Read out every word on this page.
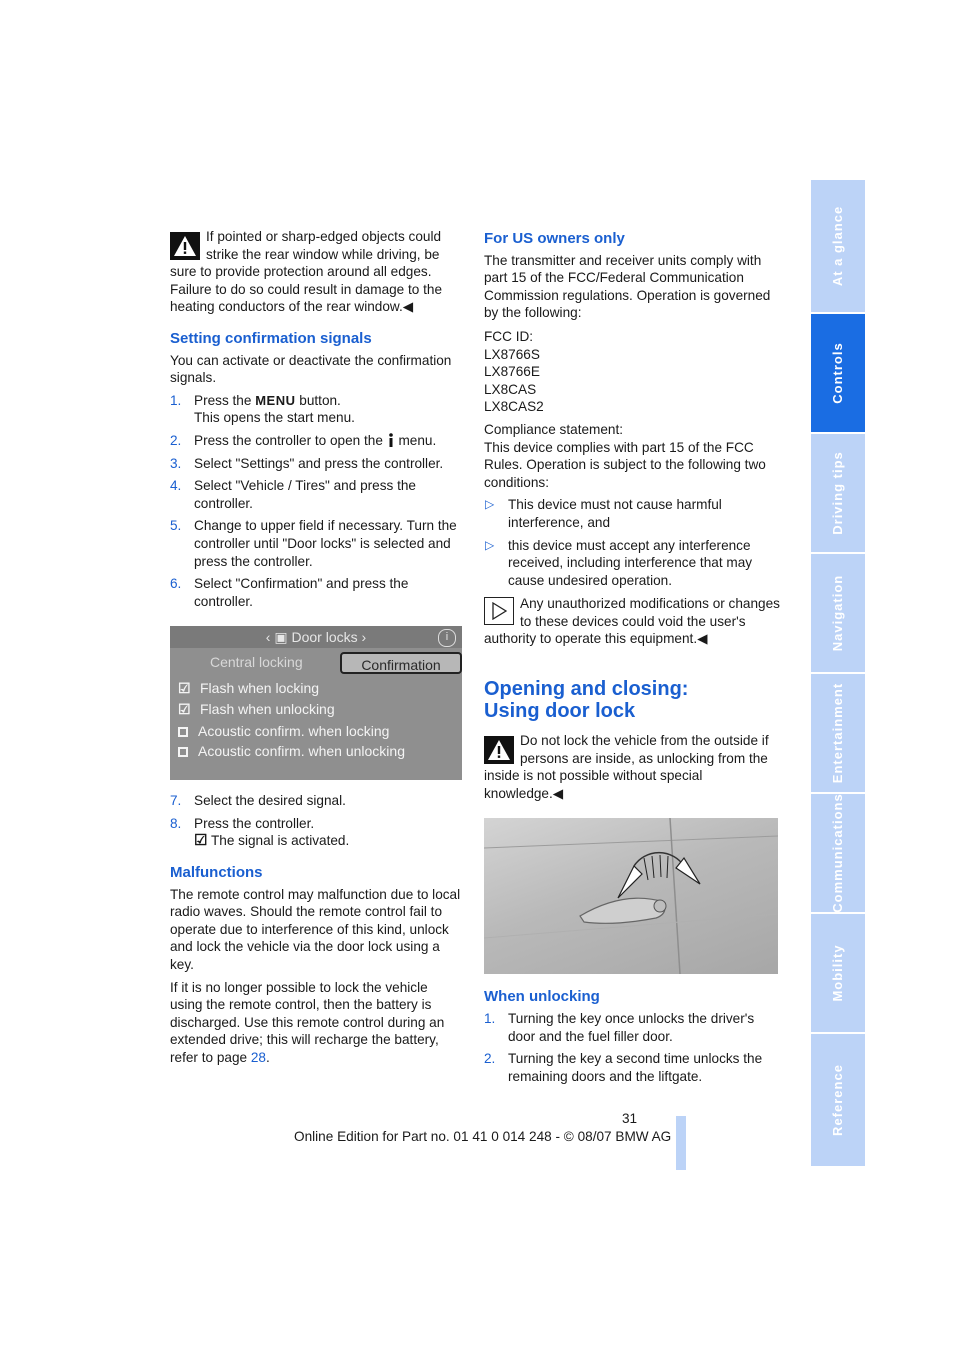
If pointed or sharp-edged objects could strike the rear window while driving, be sure to provide protection around all edges. Failure to do so could result in damage to the heating conductors of the rear window.◀

Setting confirmation signals

You can activate or deactivate the confirmation signals.

1. Press the MENU button.
This opens the start menu.
2. Press the controller to open the menu.
3. Select "Settings" and press the controller.
4. Select "Vehicle / Tires" and press the controller.
5. Change to upper field if necessary. Turn the controller until "Door locks" is selected and press the controller.
6. Select "Confirmation" and press the controller.
‹ ▣ Door locks ›	i
Central locking	Confirmation
☑ Flash when locking
☑ Flash when unlocking
Acoustic confirm. when locking
Acoustic confirm. when unlocking
7. Select the desired signal.
8. Press the controller.
☑ The signal is activated.
Malfunctions

The remote control may malfunction due to local radio waves. Should the remote control fail to operate due to interference of this kind, unlock and lock the vehicle via the door lock using a key.

If it is no longer possible to lock the vehicle using the remote control, then the battery is discharged. Use this remote control during an extended drive; this will recharge the battery, refer to page 28.

For US owners only

The transmitter and receiver units comply with part 15 of the FCC/Federal Communication Commission regulations. Operation is governed by the following:

FCC ID:
LX8766S
LX8766E
LX8CAS
LX8CAS2

Compliance statement:
This device complies with part 15 of the FCC Rules. Operation is subject to the following two conditions:

▷ This device must not cause harmful interference, and
▷ this device must accept any interference received, including interference that may cause undesired operation.

Any unauthorized modifications or changes to these devices could void the user's authority to operate this equipment.◀

Opening and closing:
Using door lock

Do not lock the vehicle from the outside if persons are inside, as unlocking from the inside is not possible without special knowledge.◀

When unlocking
1. Turning the key once unlocks the driver's door and the fuel filler door.
2. Turning the key a second time unlocks the remaining doors and the liftgate.
At a glance
Controls
Driving tips
Navigation
Entertainment
Communications
Mobility
Reference
31
Online Edition for Part no. 01 41 0 014 248 - © 08/07 BMW AG
